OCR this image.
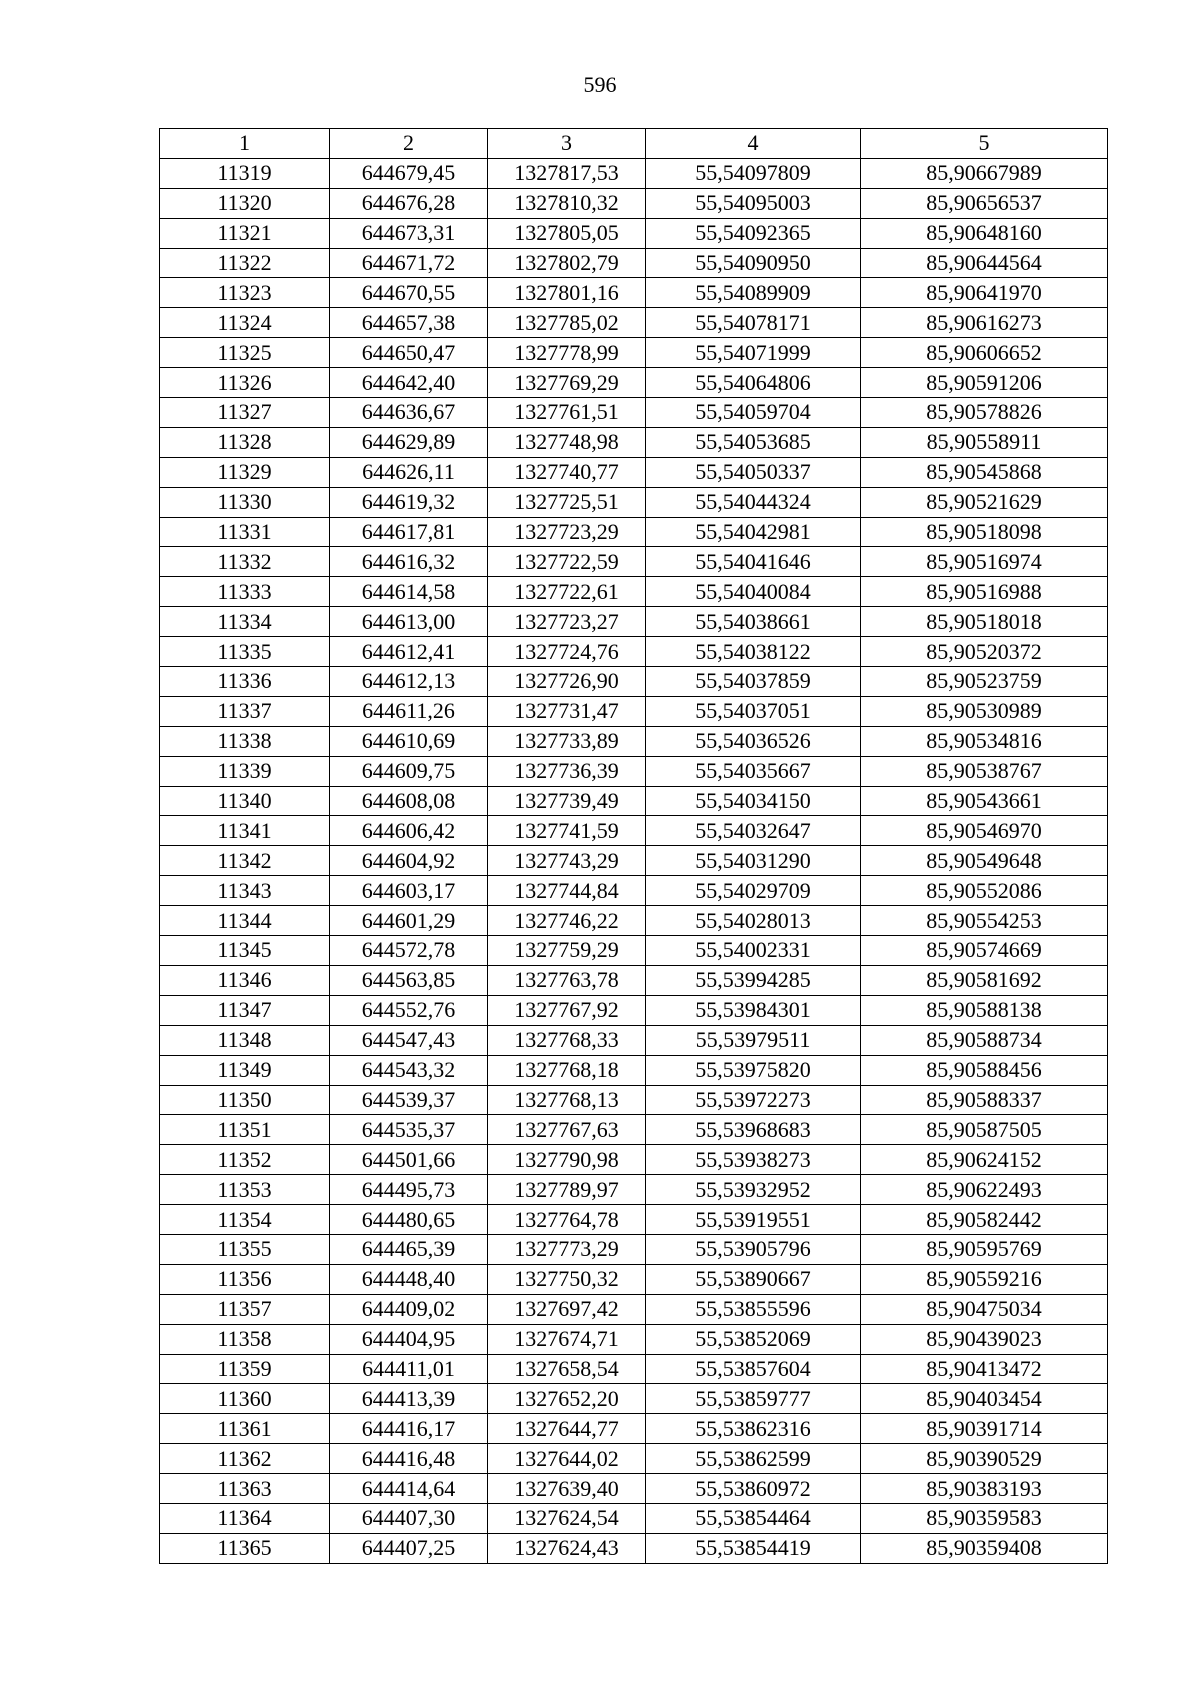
596
1	2	3	4	5
11319	644679,45	1327817,53	55,54097809	85,90667989
11320	644676,28	1327810,32	55,54095003	85,90656537
11321	644673,31	1327805,05	55,54092365	85,90648160
11322	644671,72	1327802,79	55,54090950	85,90644564
11323	644670,55	1327801,16	55,54089909	85,90641970
11324	644657,38	1327785,02	55,54078171	85,90616273
11325	644650,47	1327778,99	55,54071999	85,90606652
11326	644642,40	1327769,29	55,54064806	85,90591206
11327	644636,67	1327761,51	55,54059704	85,90578826
11328	644629,89	1327748,98	55,54053685	85,90558911
11329	644626,11	1327740,77	55,54050337	85,90545868
11330	644619,32	1327725,51	55,54044324	85,90521629
11331	644617,81	1327723,29	55,54042981	85,90518098
11332	644616,32	1327722,59	55,54041646	85,90516974
11333	644614,58	1327722,61	55,54040084	85,90516988
11334	644613,00	1327723,27	55,54038661	85,90518018
11335	644612,41	1327724,76	55,54038122	85,90520372
11336	644612,13	1327726,90	55,54037859	85,90523759
11337	644611,26	1327731,47	55,54037051	85,90530989
11338	644610,69	1327733,89	55,54036526	85,90534816
11339	644609,75	1327736,39	55,54035667	85,90538767
11340	644608,08	1327739,49	55,54034150	85,90543661
11341	644606,42	1327741,59	55,54032647	85,90546970
11342	644604,92	1327743,29	55,54031290	85,90549648
11343	644603,17	1327744,84	55,54029709	85,90552086
11344	644601,29	1327746,22	55,54028013	85,90554253
11345	644572,78	1327759,29	55,54002331	85,90574669
11346	644563,85	1327763,78	55,53994285	85,90581692
11347	644552,76	1327767,92	55,53984301	85,90588138
11348	644547,43	1327768,33	55,53979511	85,90588734
11349	644543,32	1327768,18	55,53975820	85,90588456
11350	644539,37	1327768,13	55,53972273	85,90588337
11351	644535,37	1327767,63	55,53968683	85,90587505
11352	644501,66	1327790,98	55,53938273	85,90624152
11353	644495,73	1327789,97	55,53932952	85,90622493
11354	644480,65	1327764,78	55,53919551	85,90582442
11355	644465,39	1327773,29	55,53905796	85,90595769
11356	644448,40	1327750,32	55,53890667	85,90559216
11357	644409,02	1327697,42	55,53855596	85,90475034
11358	644404,95	1327674,71	55,53852069	85,90439023
11359	644411,01	1327658,54	55,53857604	85,90413472
11360	644413,39	1327652,20	55,53859777	85,90403454
11361	644416,17	1327644,77	55,53862316	85,90391714
11362	644416,48	1327644,02	55,53862599	85,90390529
11363	644414,64	1327639,40	55,53860972	85,90383193
11364	644407,30	1327624,54	55,53854464	85,90359583
11365	644407,25	1327624,43	55,53854419	85,90359408
